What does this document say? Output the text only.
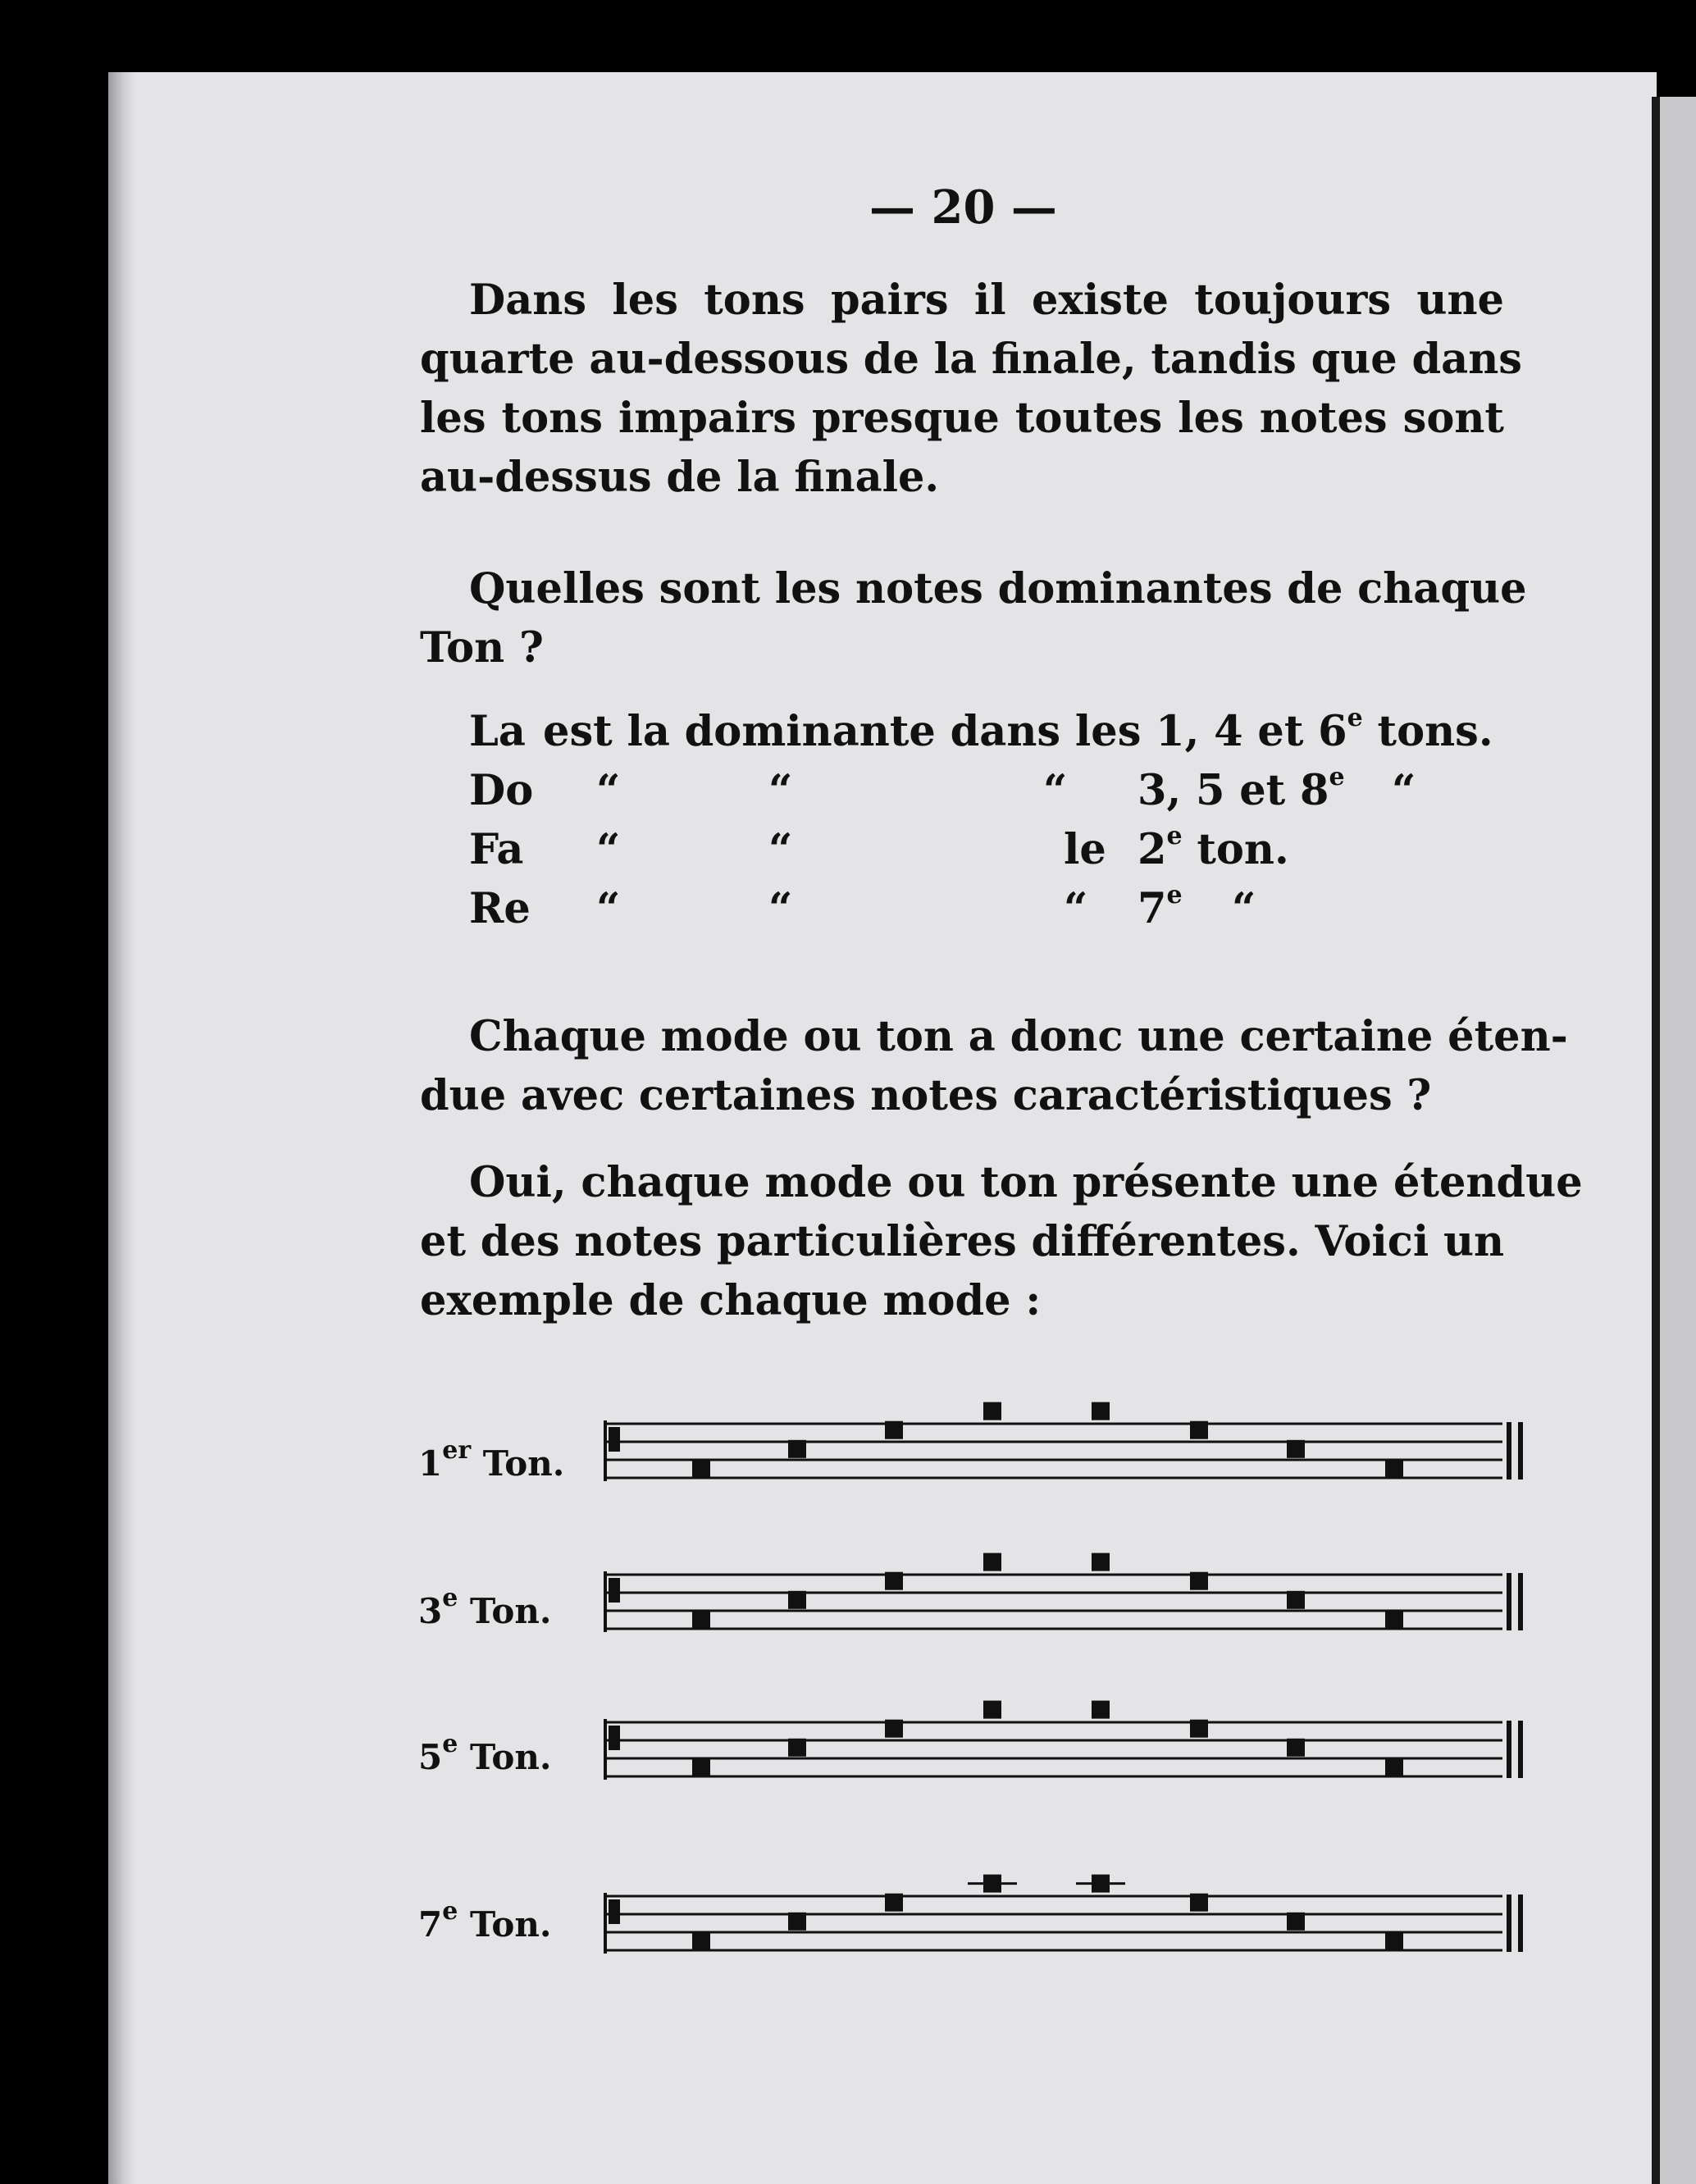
— 20 —
Dans les tons pairs il existe toujours une
quarte au-dessous de la finale, tandis que dans
les tons impairs presque toutes les notes sont
au-dessus de la finale.
Quelles sont les notes dominantes de chaque
Ton ?
La est la dominante dans les 1, 4 et 6e tons.
Do “	“	“ 3, 5 et 8e “
Fa “	“	le 2e ton.
Re “	“	“ 7e “
Chaque mode ou ton a donc une certaine éten-
due avec certaines notes caractéristiques ?
Oui, chaque mode ou ton présente une étendue
et des notes particulières différentes. Voici un
exemple de chaque mode :
1er Ton.
3e Ton.
5e Ton.
7e Ton.
